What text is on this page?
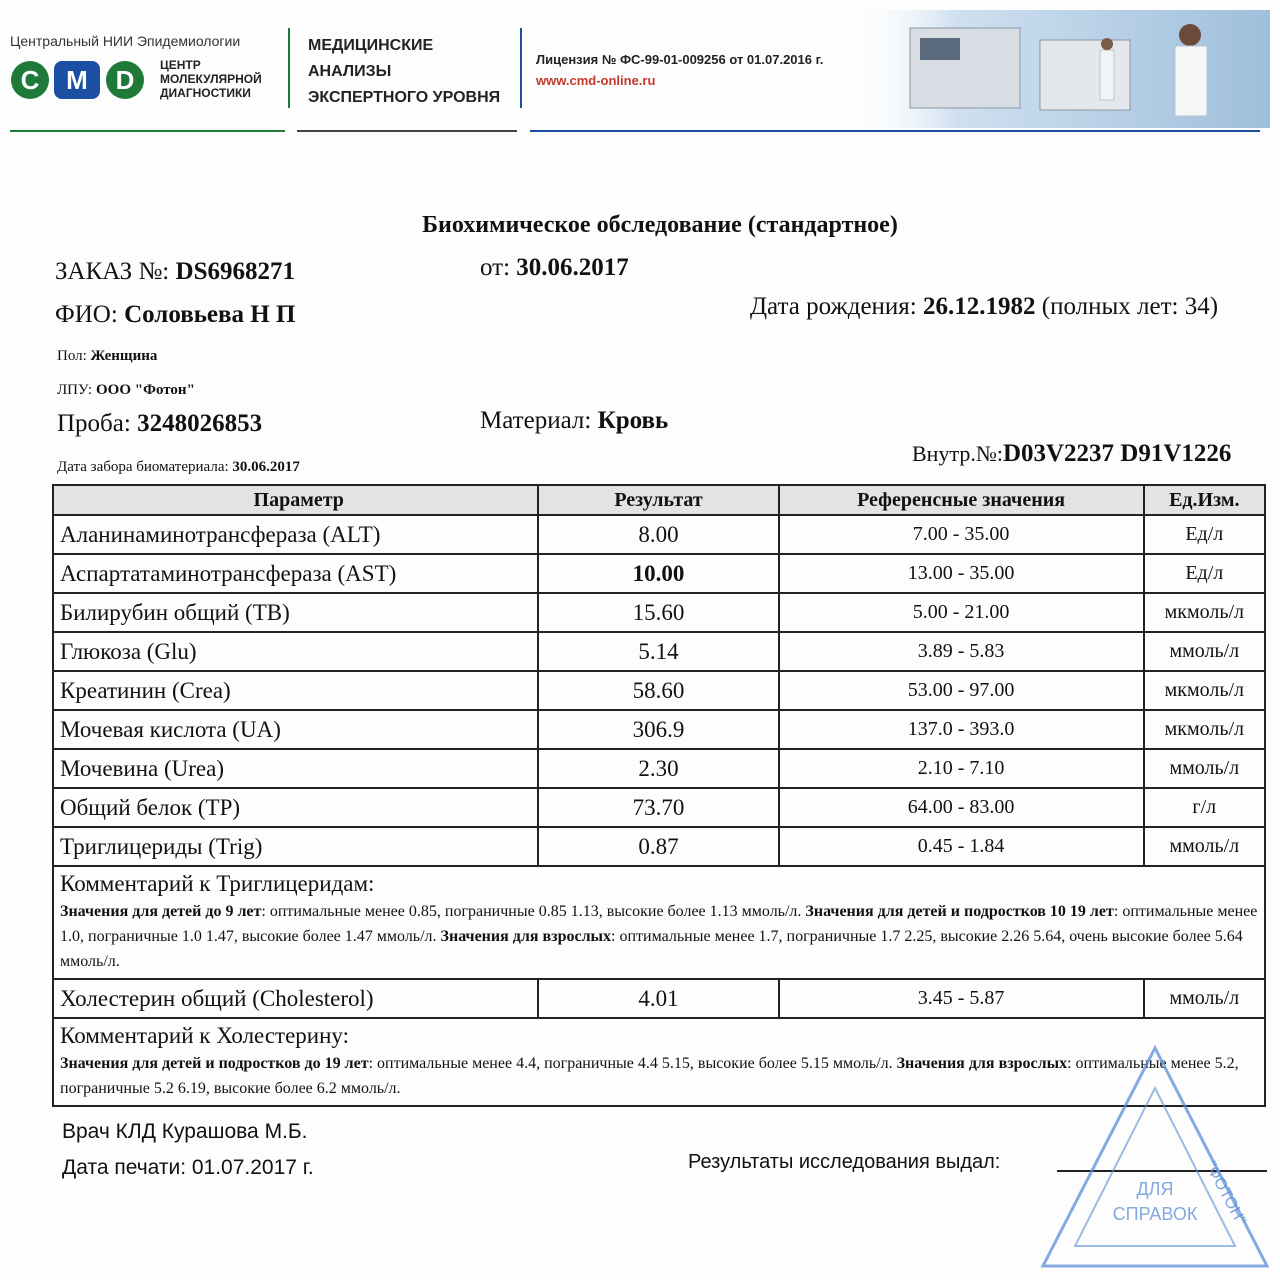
Центральный НИИ Эпидемиологии
C M D ЦЕНТР
МОЛЕКУЛЯРНОЙ
ДИАГНОСТИКИ
МЕДИЦИНСКИЕ
АНАЛИЗЫ
ЭКСПЕРТНОГО УРОВНЯ
Лицензия № ФС-99-01-009256 от 01.07.2016 г.
www.cmd-online.ru
Биохимическое обследование (стандартное)
ЗАКАЗ №: DS6968271	от: 30.06.2017
ФИО: Соловьева Н П	Дата рождения: 26.12.1982 (полных лет: 34)
Пол: Женщина
ЛПУ: ООО "Фотон"
Проба: 3248026853	Материал: Кровь
Дата забора биоматериала: 30.06.2017
Внутр.№:D03V2237 D91V1226
Параметр	Результат	Референсные значения	Ед.Изм.
Аланинаминотрансфераза (ALT)	8.00	7.00 - 35.00	Ед/л
Аспартатаминотрансфераза (AST)	10.00	13.00 - 35.00	Ед/л
Билирубин общий (TB)	15.60	5.00 - 21.00	мкмоль/л
Глюкоза (Glu)	5.14	3.89 - 5.83	ммоль/л
Креатинин (Crea)	58.60	53.00 - 97.00	мкмоль/л
Мочевая кислота (UA)	306.9	137.0 - 393.0	мкмоль/л
Мочевина (Urea)	2.30	2.10 - 7.10	ммоль/л
Общий белок (TP)	73.70	64.00 - 83.00	г/л
Триглицериды (Trig)	0.87	0.45 - 1.84	ммоль/л

Комментарий к Триглицеридам:
Значения для детей до 9 лет: оптимальные менее 0.85, пограничные 0.85 1.13, высокие более 1.13 ммоль/л. Значения для детей и подростков 10 19 лет: оптимальные менее 1.0, пограничные 1.0 1.47, высокие более 1.47 ммоль/л. Значения для взрослых: оптимальные менее 1.7, пограничные 1.7 2.25, высокие 2.26 5.64, очень высокие более 5.64 ммоль/л.			

Холестерин общий (Cholesterol)	4.01	3.45 - 5.87	ммоль/л

Комментарий к Холестерину:
Значения для детей и подростков до 19 лет: оптимальные менее 4.4, пограничные 4.4 5.15, высокие более 5.15 ммоль/л. Значения для взрослых: оптимальные менее 5.2, пограничные 5.2 6.19, высокие более 6.2 ммоль/л.			
Врач КЛД Курашова М.Б.
Дата печати: 01.07.2017 г.	Результаты исследования выдал:	"ФОТОН"
ДЛЯ
СПРАВОК
